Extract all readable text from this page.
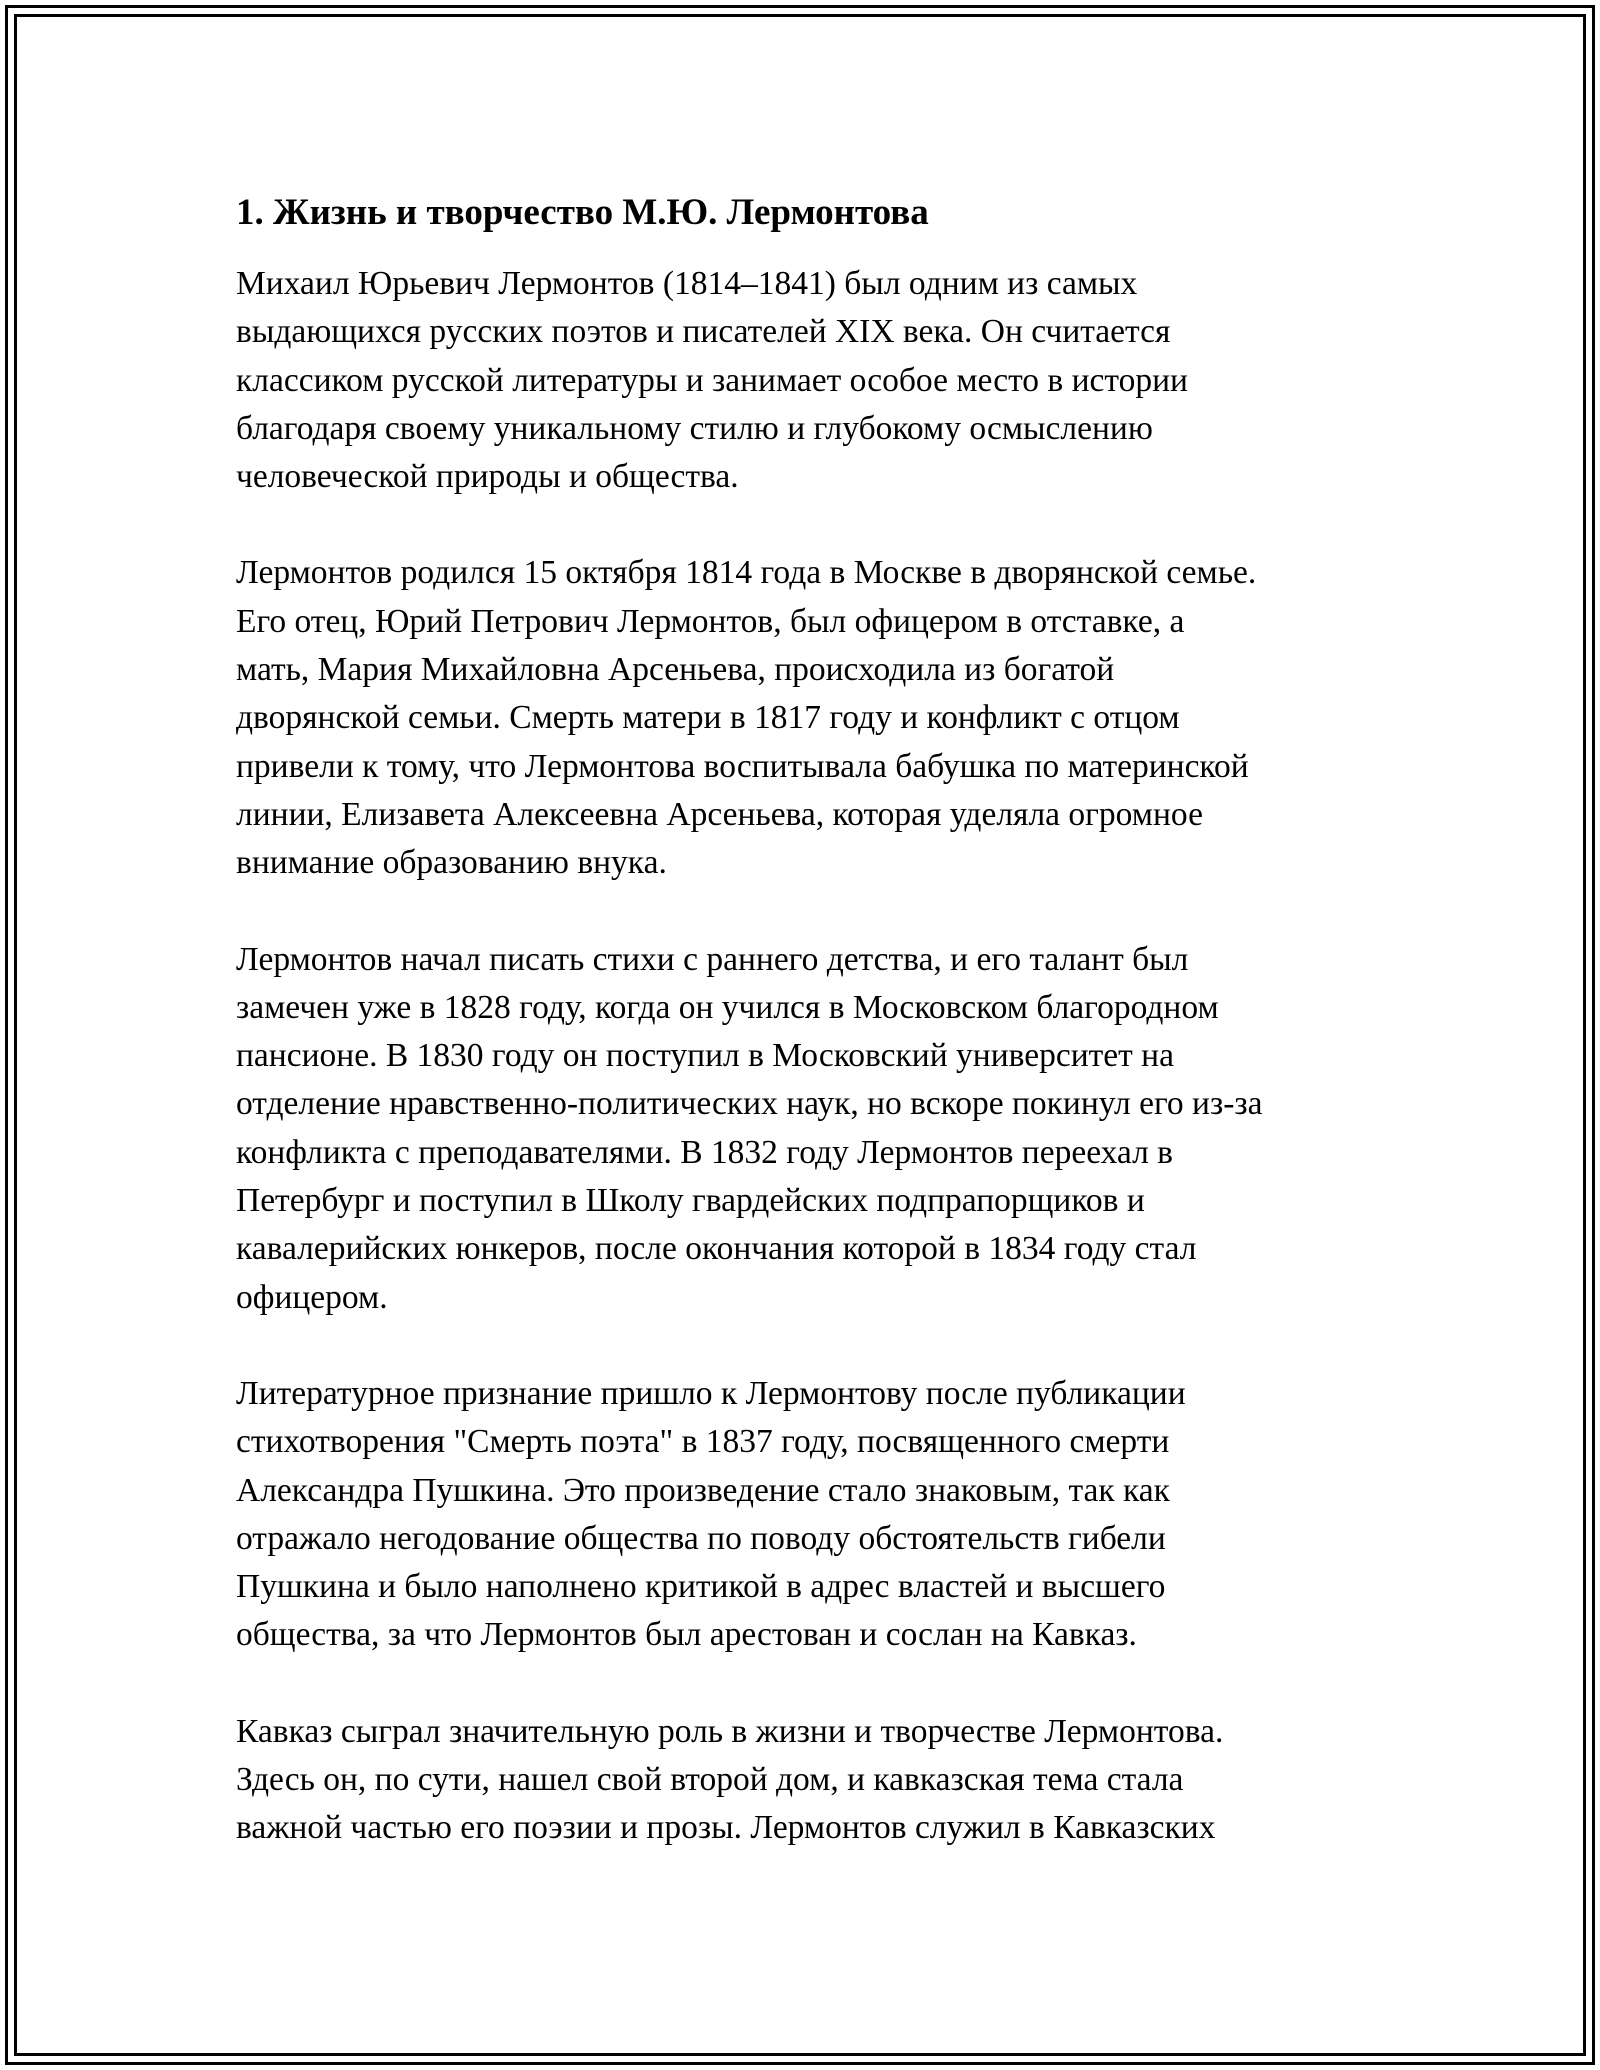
1. Жизнь и творчество М.Ю. Лермонтова
Михаил Юрьевич Лермонтов (1814–1841) был одним из самых
выдающихся русских поэтов и писателей XIX века. Он считается
классиком русской литературы и занимает особое место в истории
благодаря своему уникальному стилю и глубокому осмыслению
человеческой природы и общества.
Лермонтов родился 15 октября 1814 года в Москве в дворянской семье.
Его отец, Юрий Петрович Лермонтов, был офицером в отставке, а
мать, Мария Михайловна Арсеньева, происходила из богатой
дворянской семьи. Смерть матери в 1817 году и конфликт с отцом
привели к тому, что Лермонтова воспитывала бабушка по материнской
линии, Елизавета Алексеевна Арсеньева, которая уделяла огромное
внимание образованию внука.
Лермонтов начал писать стихи с раннего детства, и его талант был
замечен уже в 1828 году, когда он учился в Московском благородном
пансионе. В 1830 году он поступил в Московский университет на
отделение нравственно-политических наук, но вскоре покинул его из-за
конфликта с преподавателями. В 1832 году Лермонтов переехал в
Петербург и поступил в Школу гвардейских подпрапорщиков и
кавалерийских юнкеров, после окончания которой в 1834 году стал
офицером.
Литературное признание пришло к Лермонтову после публикации
стихотворения "Смерть поэта" в 1837 году, посвященного смерти
Александра Пушкина. Это произведение стало знаковым, так как
отражало негодование общества по поводу обстоятельств гибели
Пушкина и было наполнено критикой в адрес властей и высшего
общества, за что Лермонтов был арестован и сослан на Кавказ.
Кавказ сыграл значительную роль в жизни и творчестве Лермонтова.
Здесь он, по сути, нашел свой второй дом, и кавказская тема стала
важной частью его поэзии и прозы. Лермонтов служил в Кавказских
